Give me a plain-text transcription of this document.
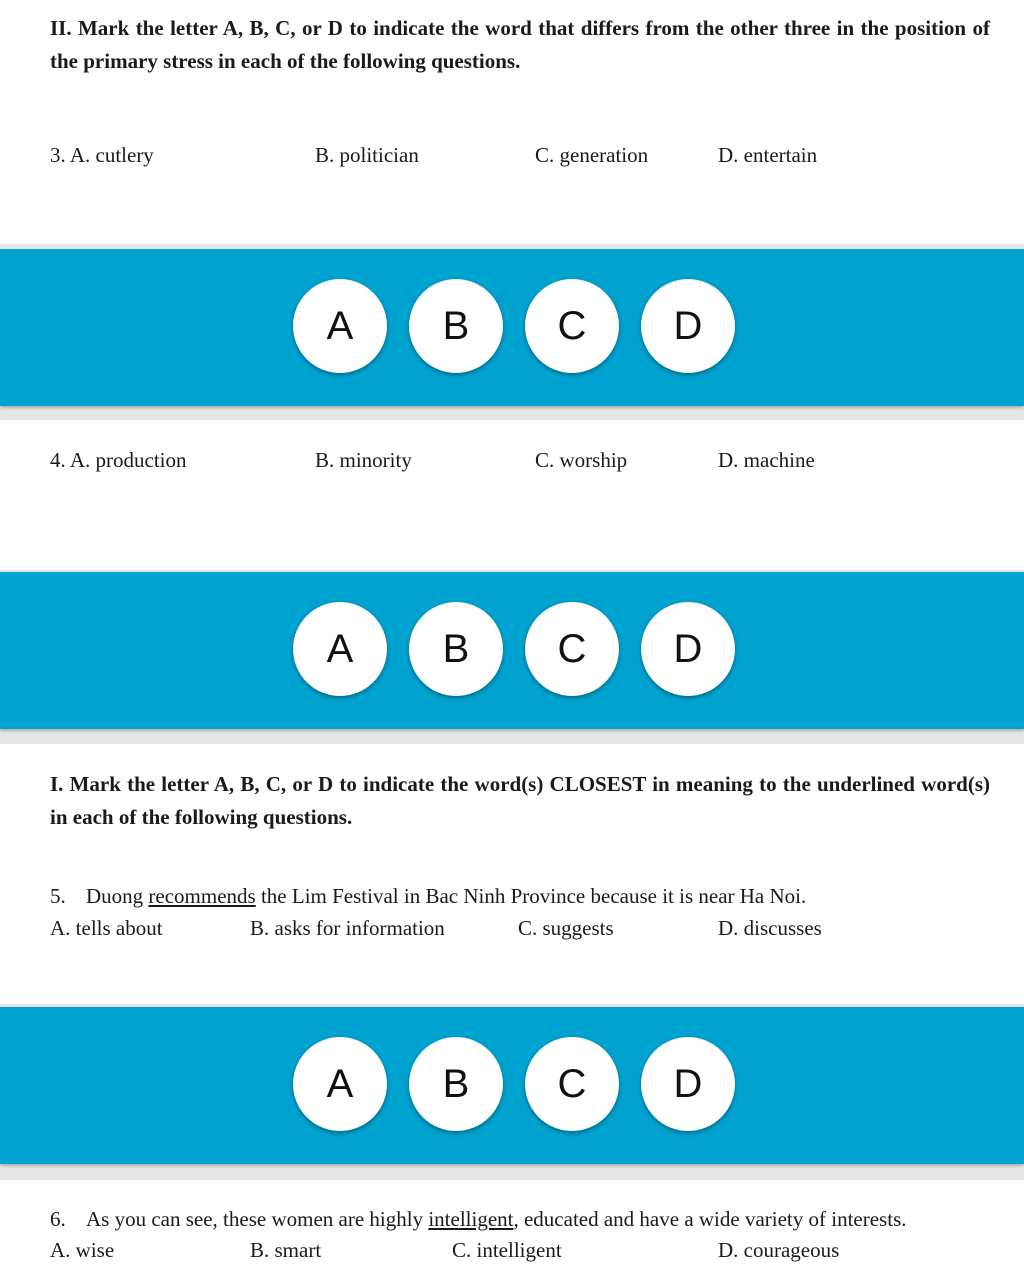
II. Mark the letter A, B, C, or D to indicate the word that differs from the other three in the position of the primary stress in each of the following questions.
3. A. cutlery	B. politician	C. generation	D. entertain
A	B	C	D
4. A. production	B. minority	C. worship	D. machine
A	B	C	D
I. Mark the letter A, B, C, or D to indicate the word(s) CLOSEST in meaning to the underlined word(s) in each of the following questions.
5. Duong recommends the Lim Festival in Bac Ninh Province because it is near Ha Noi.
A. tells about	B. asks for information	C. suggests	D. discusses
A	B	C	D
6. As you can see, these women are highly intelligent, educated and have a wide variety of interests.
A. wise	B. smart	C. intelligent	D. courageous
